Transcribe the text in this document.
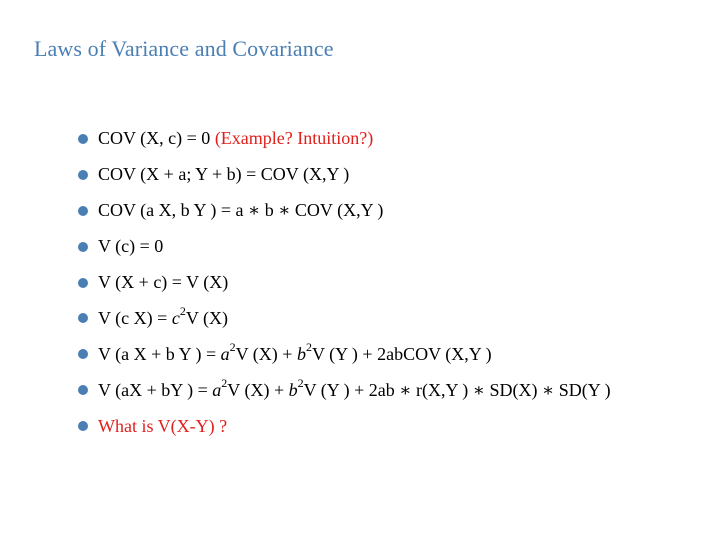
Laws of Variance and Covariance
COV (X, c) = 0 (Example? Intuition?)
COV (X + a; Y + b) = COV (X,Y )
COV (a X, b Y ) = a ∗ b ∗ COV (X,Y )
V (c) = 0
V (X + c) = V (X)
V (c $X) = c^2V$ (X)
V (a X + b Y ) = $a^2V$ $(X) + b^2V$ (Y ) + 2abCOV (X,Y )
V (aX + bY ) = $a^2V$ $(X) + b^2V$ (Y ) + 2ab ∗ r(X,Y ) ∗ SD(X) ∗ SD(Y )
What is V(X-Y) ?
